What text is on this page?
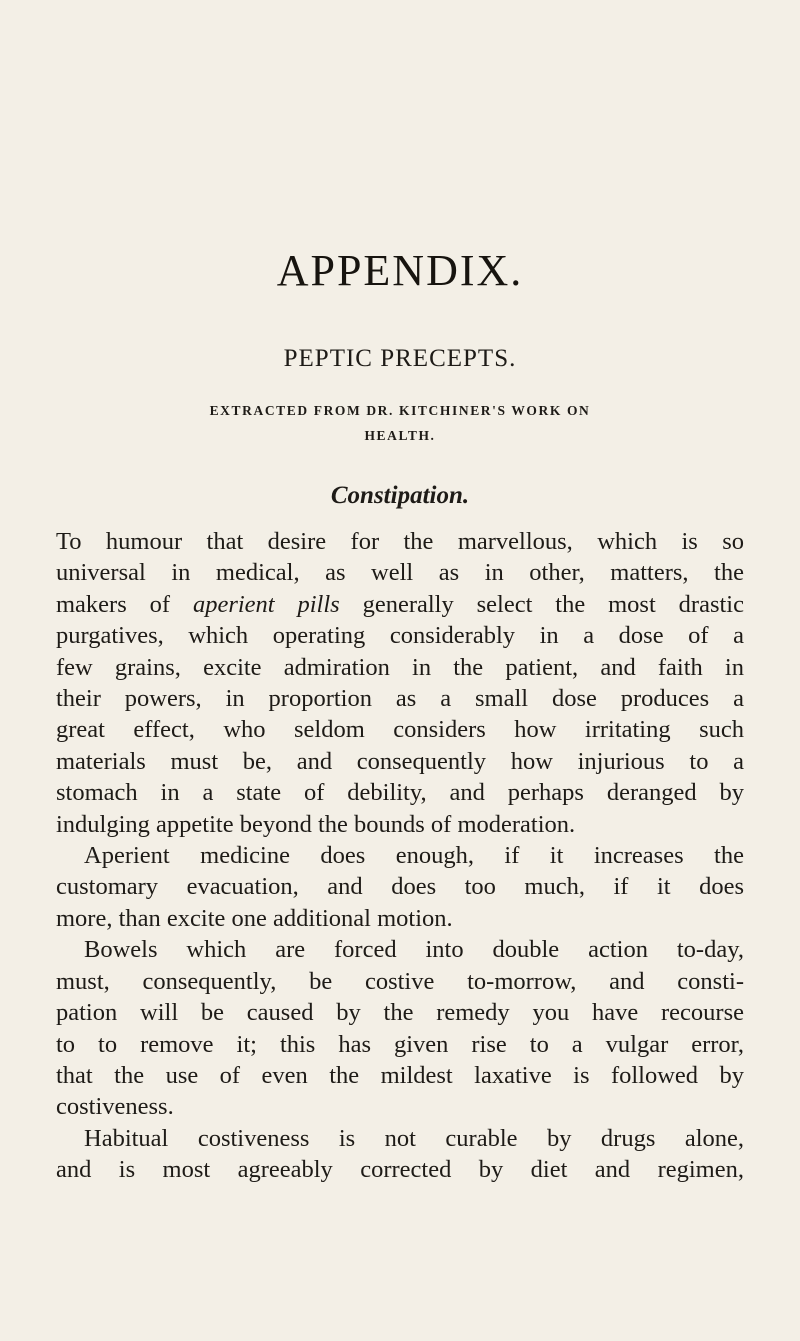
APPENDIX.
PEPTIC PRECEPTS.
EXTRACTED FROM DR. KITCHINER'S WORK ON
HEALTH.
Constipation.
To humour that desire for the marvellous, which is so
universal in medical, as well as in other, matters, the
makers of aperient pills generally select the most drastic
purgatives, which operating considerably in a dose of a
few grains, excite admiration in the patient, and faith in
their powers, in proportion as a small dose produces a
great effect, who seldom considers how irritating such
materials must be, and consequently how injurious to a
stomach in a state of debility, and perhaps deranged by
indulging appetite beyond the bounds of moderation.
Aperient medicine does enough, if it increases the
customary evacuation, and does too much, if it does
more, than excite one additional motion.
Bowels which are forced into double action to-day,
must, consequently, be costive to-morrow, and consti-
pation will be caused by the remedy you have recourse
to to remove it; this has given rise to a vulgar error,
that the use of even the mildest laxative is followed by
costiveness.
Habitual costiveness is not curable by drugs alone,
and is most agreeably corrected by diet and regimen,
